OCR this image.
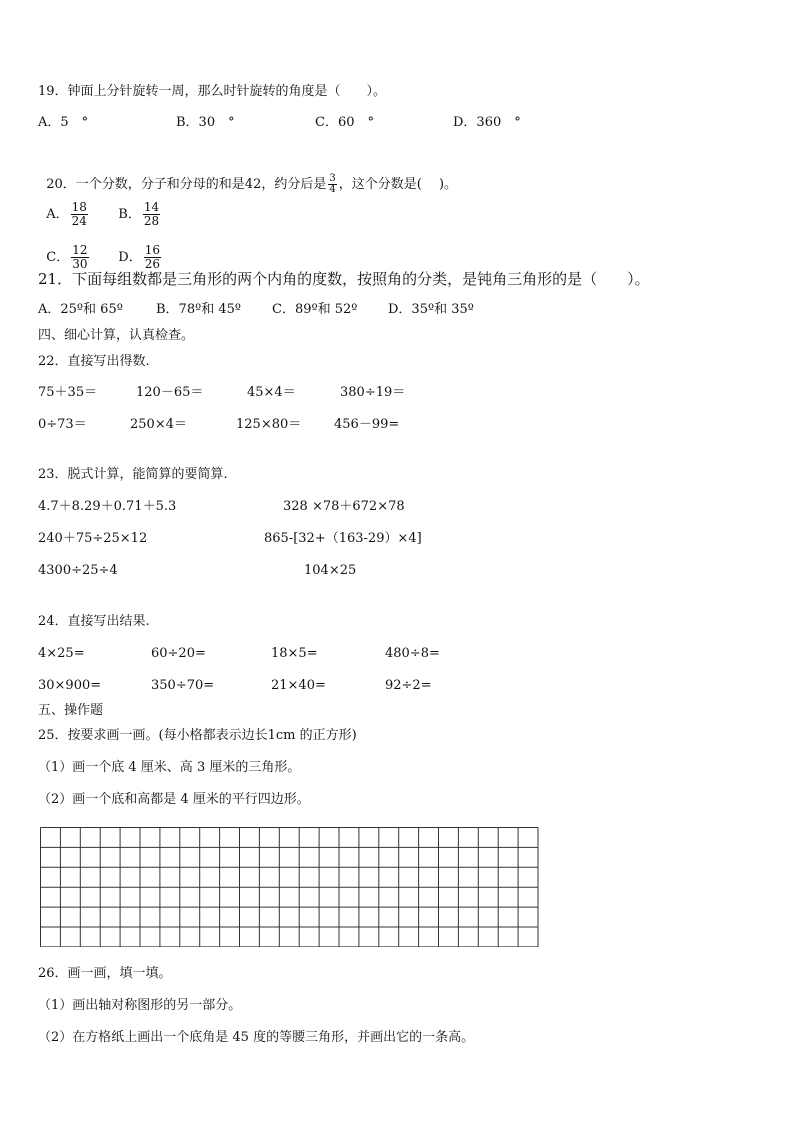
19．钟面上分针旋转一周，那么时针旋转的角度是（　　）。
A．5　°	B．30　°	C．60　°	D．360　°

20．一个分数，分子和分母的和是42，约分后是 $\frac{3}{4}$ ，这个分数是(　 )。

A． $\frac{18}{24}$	B． $\frac{14}{28}$

C． $\frac{12}{30}$	D． $\frac{16}{26}$

21．下面每组数都是三角形的两个内角的度数，按照角的分类，是钝角三角形的是（　　）。
A．25º和 65º	B．78º和 45º C．89º和 52º D．35º和 35º
四、细心计算，认真检查。
22．直接写出得数.
75＋35＝	120－65＝	45×4＝	380÷19＝
0÷73＝	250×4＝	125×80＝	456－99=
23．脱式计算，能简算的要简算.
4.7＋8.29＋0.71＋5.3	328 ×78＋672×78
240＋75÷25×12	865-[32+（163-29）×4]
4300÷25÷4	104×25
24．直接写出结果.
4×25=	60÷20=	18×5=	480÷8=
30×900=	350÷70=	21×40=	92÷2=
五、操作题
25．按要求画一画。(每小格都表示边长1cm 的正方形)
（1）画一个底 4 厘米、高 3 厘米的三角形。
（2）画一个底和高都是 4 厘米的平行四边形。
26．画一画，填一填。
（1）画出轴对称图形的另一部分。
（2）在方格纸上画出一个底角是 45 度的等腰三角形，并画出它的一条高。
